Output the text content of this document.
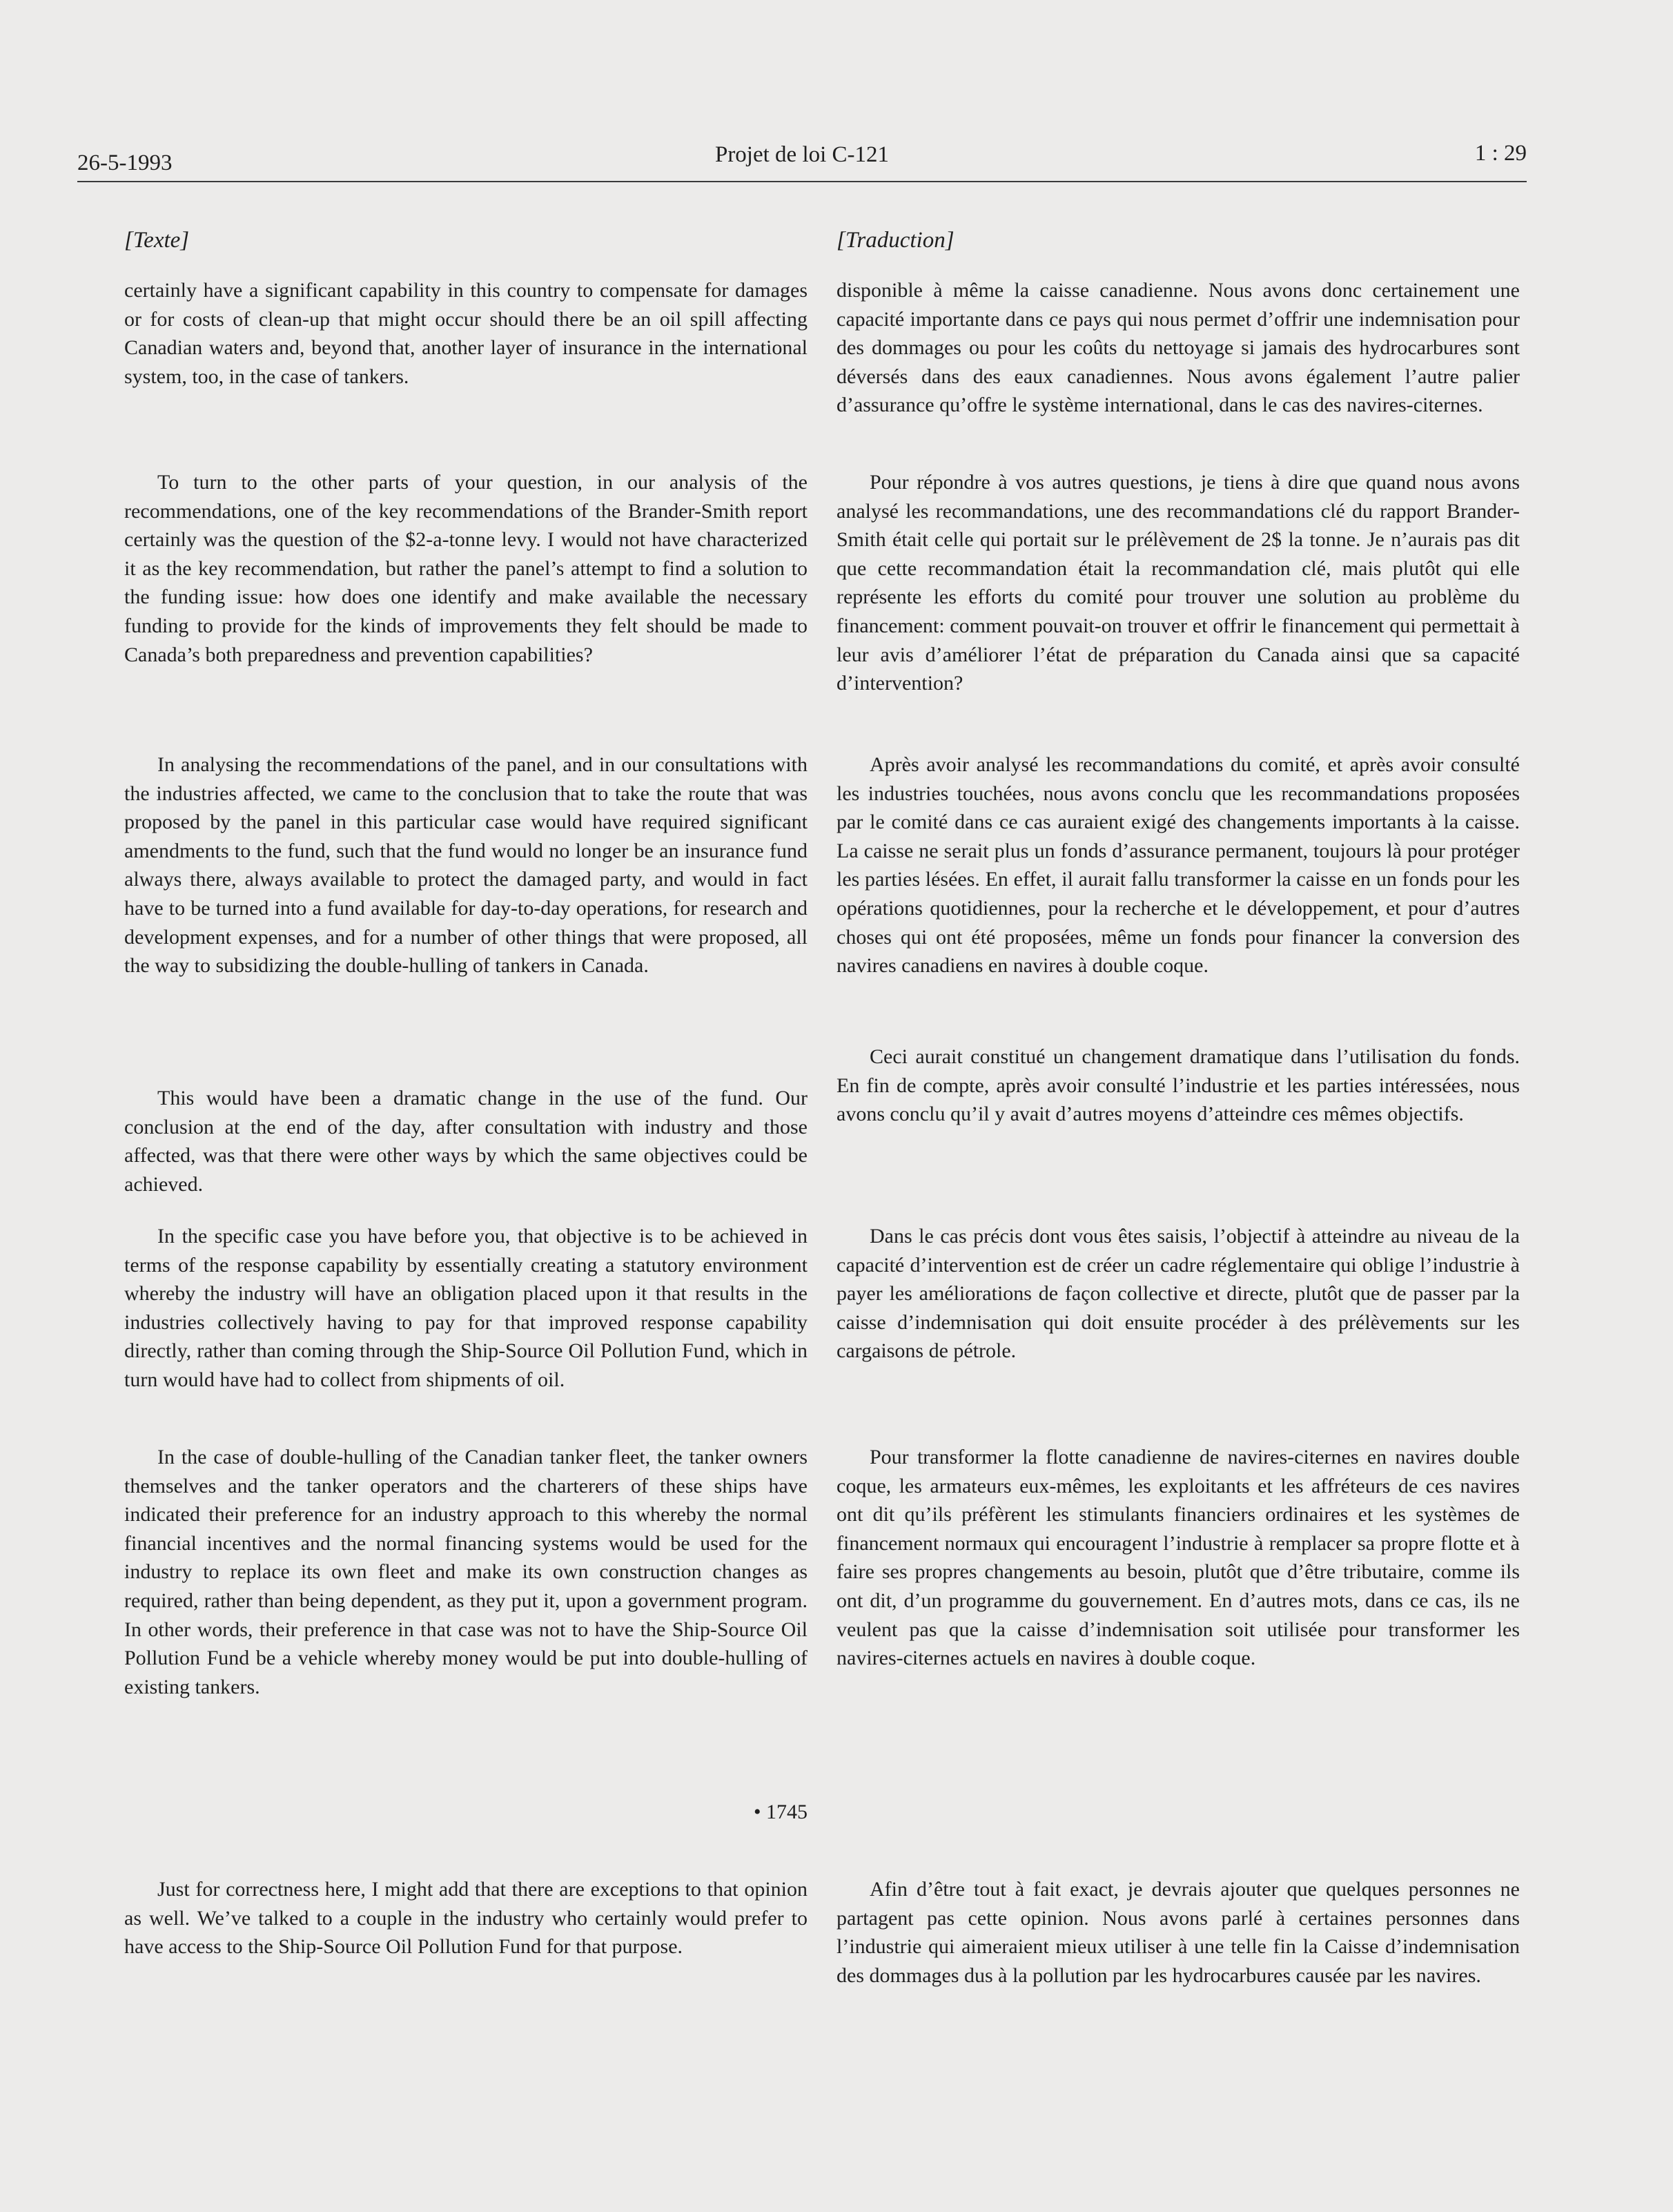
26-5-1993	Projet de loi C-121	1 : 29
[Texte]

certainly have a significant capability in this country to compensate for damages or for costs of clean-up that might occur should there be an oil spill affecting Canadian waters and, beyond that, another layer of insurance in the international system, too, in the case of tankers.

To turn to the other parts of your question, in our analysis of the recommendations, one of the key recommendations of the Brander-Smith report certainly was the question of the $2-a-tonne levy. I would not have characterized it as the key recommendation, but rather the panel’s attempt to find a solution to the funding issue: how does one identify and make available the necessary funding to provide for the kinds of improvements they felt should be made to Canada’s both preparedness and prevention capabilities?

In analysing the recommendations of the panel, and in our consultations with the industries affected, we came to the conclusion that to take the route that was proposed by the panel in this particular case would have required significant amendments to the fund, such that the fund would no longer be an insurance fund always there, always available to protect the damaged party, and would in fact have to be turned into a fund available for day-to-day operations, for research and development expenses, and for a number of other things that were proposed, all the way to subsidizing the double-hulling of tankers in Canada.

This would have been a dramatic change in the use of the fund. Our conclusion at the end of the day, after consultation with industry and those affected, was that there were other ways by which the same objectives could be achieved.

In the specific case you have before you, that objective is to be achieved in terms of the response capability by essentially creating a statutory environment whereby the industry will have an obligation placed upon it that results in the industries collectively having to pay for that improved response capability directly, rather than coming through the Ship-Source Oil Pollution Fund, which in turn would have had to collect from shipments of oil.

In the case of double-hulling of the Canadian tanker fleet, the tanker owners themselves and the tanker operators and the charterers of these ships have indicated their preference for an industry approach to this whereby the normal financial incentives and the normal financing systems would be used for the industry to replace its own fleet and make its own construction changes as required, rather than being dependent, as they put it, upon a government program. In other words, their preference in that case was not to have the Ship-Source Oil Pollution Fund be a vehicle whereby money would be put into double-hulling of existing tankers.

Just for correctness here, I might add that there are exceptions to that opinion as well. We’ve talked to a couple in the industry who certainly would prefer to have access to the Ship-Source Oil Pollution Fund for that purpose.

[Traduction]

disponible à même la caisse canadienne. Nous avons donc certainement une capacité importante dans ce pays qui nous permet d’offrir une indemnisation pour des dommages ou pour les coûts du nettoyage si jamais des hydrocarbures sont déversés dans des eaux canadiennes. Nous avons également l’autre palier d’assurance qu’offre le système international, dans le cas des navires-citernes.

Pour répondre à vos autres questions, je tiens à dire que quand nous avons analysé les recommandations, une des recommandations clé du rapport Brander-Smith était celle qui portait sur le prélèvement de 2$ la tonne. Je n’aurais pas dit que cette recommandation était la recommandation clé, mais plutôt qui elle représente les efforts du comité pour trouver une solution au problème du financement: comment pouvait-on trouver et offrir le financement qui permettait à leur avis d’améliorer l’état de préparation du Canada ainsi que sa capacité d’intervention?

Après avoir analysé les recommandations du comité, et après avoir consulté les industries touchées, nous avons conclu que les recommandations proposées par le comité dans ce cas auraient exigé des changements importants à la caisse. La caisse ne serait plus un fonds d’assurance permanent, toujours là pour protéger les parties lésées. En effet, il aurait fallu transformer la caisse en un fonds pour les opérations quotidiennes, pour la recherche et le développement, et pour d’autres choses qui ont été proposées, même un fonds pour financer la conversion des navires canadiens en navires à double coque.

Ceci aurait constitué un changement dramatique dans l’utilisation du fonds. En fin de compte, après avoir consulté l’industrie et les parties intéressées, nous avons conclu qu’il y avait d’autres moyens d’atteindre ces mêmes objectifs.

Dans le cas précis dont vous êtes saisis, l’objectif à atteindre au niveau de la capacité d’intervention est de créer un cadre réglementaire qui oblige l’industrie à payer les améliorations de façon collective et directe, plutôt que de passer par la caisse d’indemnisation qui doit ensuite procéder à des prélèvements sur les cargaisons de pétrole.

Pour transformer la flotte canadienne de navires-citernes en navires double coque, les armateurs eux-mêmes, les exploitants et les affréteurs de ces navires ont dit qu’ils préfèrent les stimulants financiers ordinaires et les systèmes de financement normaux qui encouragent l’industrie à remplacer sa propre flotte et à faire ses propres changements au besoin, plutôt que d’être tributaire, comme ils ont dit, d’un programme du gouvernement. En d’autres mots, dans ce cas, ils ne veulent pas que la caisse d’indemnisation soit utilisée pour transformer les navires-citernes actuels en navires à double coque.

Afin d’être tout à fait exact, je devrais ajouter que quelques personnes ne partagent pas cette opinion. Nous avons parlé à certaines personnes dans l’industrie qui aimeraient mieux utiliser à une telle fin la Caisse d’indemnisation des dommages dus à la pollution par les hydrocarbures causée par les navires.

• 1745
